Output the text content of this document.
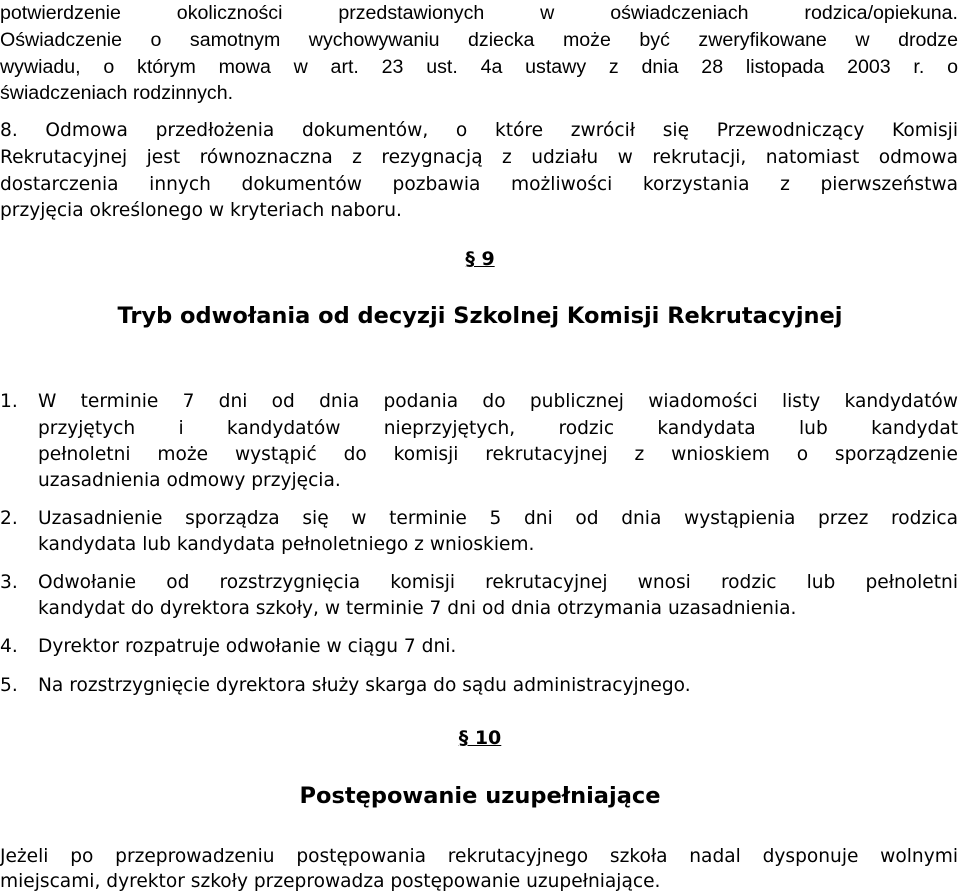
potwierdzenie okoliczności przedstawionych w oświadczeniach rodzica/opiekuna.
Oświadczenie o samotnym wychowywaniu dziecka może być zweryfikowane w drodze
wywiadu, o którym mowa w art. 23 ust. 4a ustawy z dnia 28 listopada 2003 r. o
świadczeniach rodzinnych.
8. Odmowa przedłożenia dokumentów, o które zwrócił się Przewodniczący Komisji
Rekrutacyjnej jest równoznaczna z rezygnacją z udziału w rekrutacji, natomiast odmowa
dostarczenia innych dokumentów pozbawia możliwości korzystania z pierwszeństwa
przyjęcia określonego w kryteriach naboru.
§ 9
Tryb odwołania od decyzji Szkolnej Komisji Rekrutacyjnej
1. W terminie 7 dni od dnia podania do publicznej wiadomości listy kandydatów
przyjętych i kandydatów nieprzyjętych, rodzic kandydata lub kandydat
pełnoletni może wystąpić do komisji rekrutacyjnej z wnioskiem o sporządzenie
uzasadnienia odmowy przyjęcia.
2. Uzasadnienie sporządza się w terminie 5 dni od dnia wystąpienia przez rodzica
kandydata lub kandydata pełnoletniego z wnioskiem.
3. Odwołanie od rozstrzygnięcia komisji rekrutacyjnej wnosi rodzic lub pełnoletni
kandydat do dyrektora szkoły, w terminie 7 dni od dnia otrzymania uzasadnienia.
4. Dyrektor rozpatruje odwołanie w ciągu 7 dni.
5. Na rozstrzygnięcie dyrektora służy skarga do sądu administracyjnego.
§ 10
Postępowanie uzupełniające
Jeżeli po przeprowadzeniu postępowania rekrutacyjnego szkoła nadal dysponuje wolnymi
miejscami, dyrektor szkoły przeprowadza postępowanie uzupełniające.
